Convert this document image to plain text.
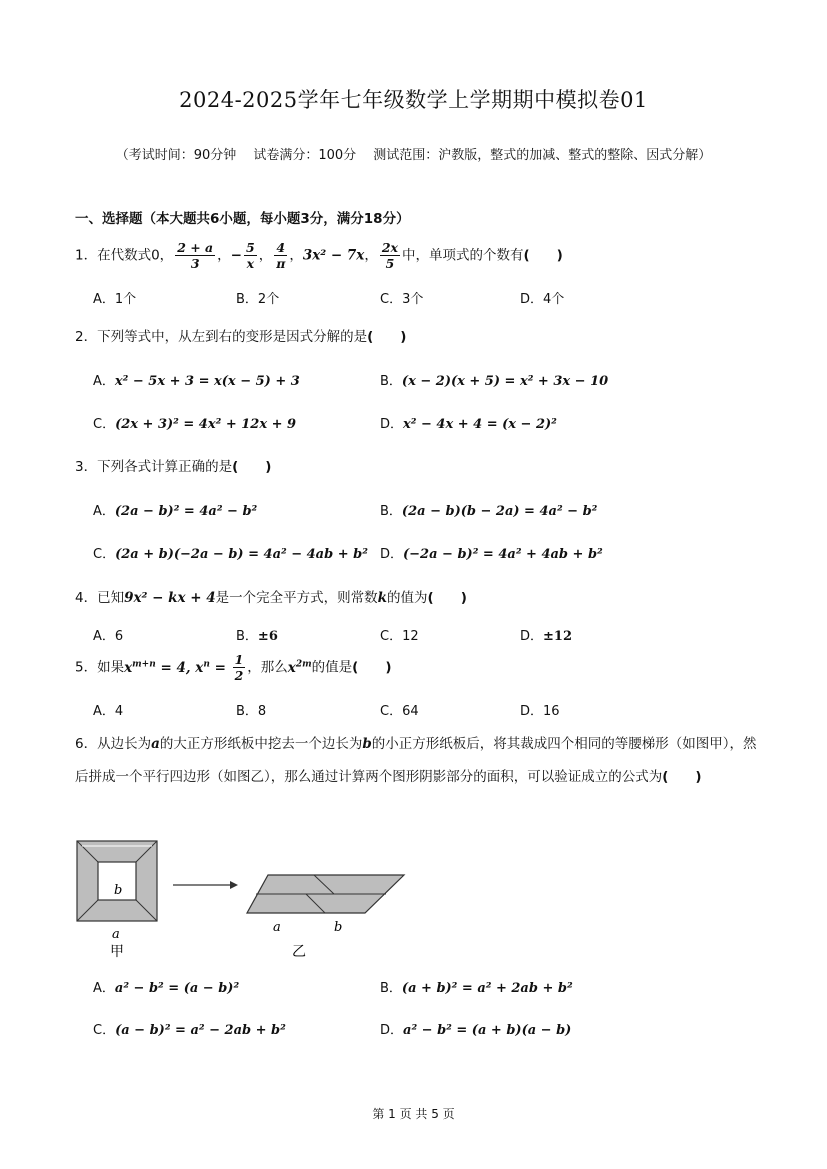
2024-2025学年七年级数学上学期期中模拟卷01
（考试时间：90分钟　 试卷满分：100分　 测试范围：沪教版，整式的加减、整式的整除、因式分解）
一、选择题（本大题共6小题，每小题3分，满分18分）
1．在代数式0， $\frac{2 + a}{3}$ ，− $\frac{5}{x}$ ， $\frac{4}{\pi}$ ，3x² − 7x， $\frac{2x}{5}$ 中，单项式的个数有(　　)
A．1个	B．2个	C．3个	D．4个
2．下列等式中，从左到右的变形是因式分解的是(　　)
A．x² − 5x + 3 = x(x − 5) + 3	B．(x − 2)(x + 5) = x² + 3x − 10
C．(2x + 3)² = 4x² + 12x + 9	D．x² − 4x + 4 = (x − 2)²
3．下列各式计算正确的是(　　)
A．(2a − b)² = 4a² − b²	B．(2a − b)(b − 2a) = 4a² − b²
C．(2a + b)(−2a − b) = 4a² − 4ab + b² D．(−2a − b)² = 4a² + 4ab + b²
4．已知9x² − kx + 4是一个完全平方式，则常数k的值为(　　)
A．6	B．±6	C．12	D．±12
5．如果$x^{m+n} = 4$, $x^n = \frac{1}{2}$ ，那么$x^{2m}$的值是(　　)
A．4	B．8	C．64	D．16
6．从边长为a的大正方形纸板中挖去一个边长为b的小正方形纸板后，将其裁成四个相同的等腰梯形（如图甲），然后拼成一个平行四边形（如图乙），那么通过计算两个图形阴影部分的面积，可以验证成立的公式为(　　)
b
a
甲
a	b
乙
A．a² − b² = (a − b)²	B．(a + b)² = a² + 2ab + b²
C．(a − b)² = a² − 2ab + b²	D．a² − b² = (a + b)(a − b)
第 1 页 共 5 页
